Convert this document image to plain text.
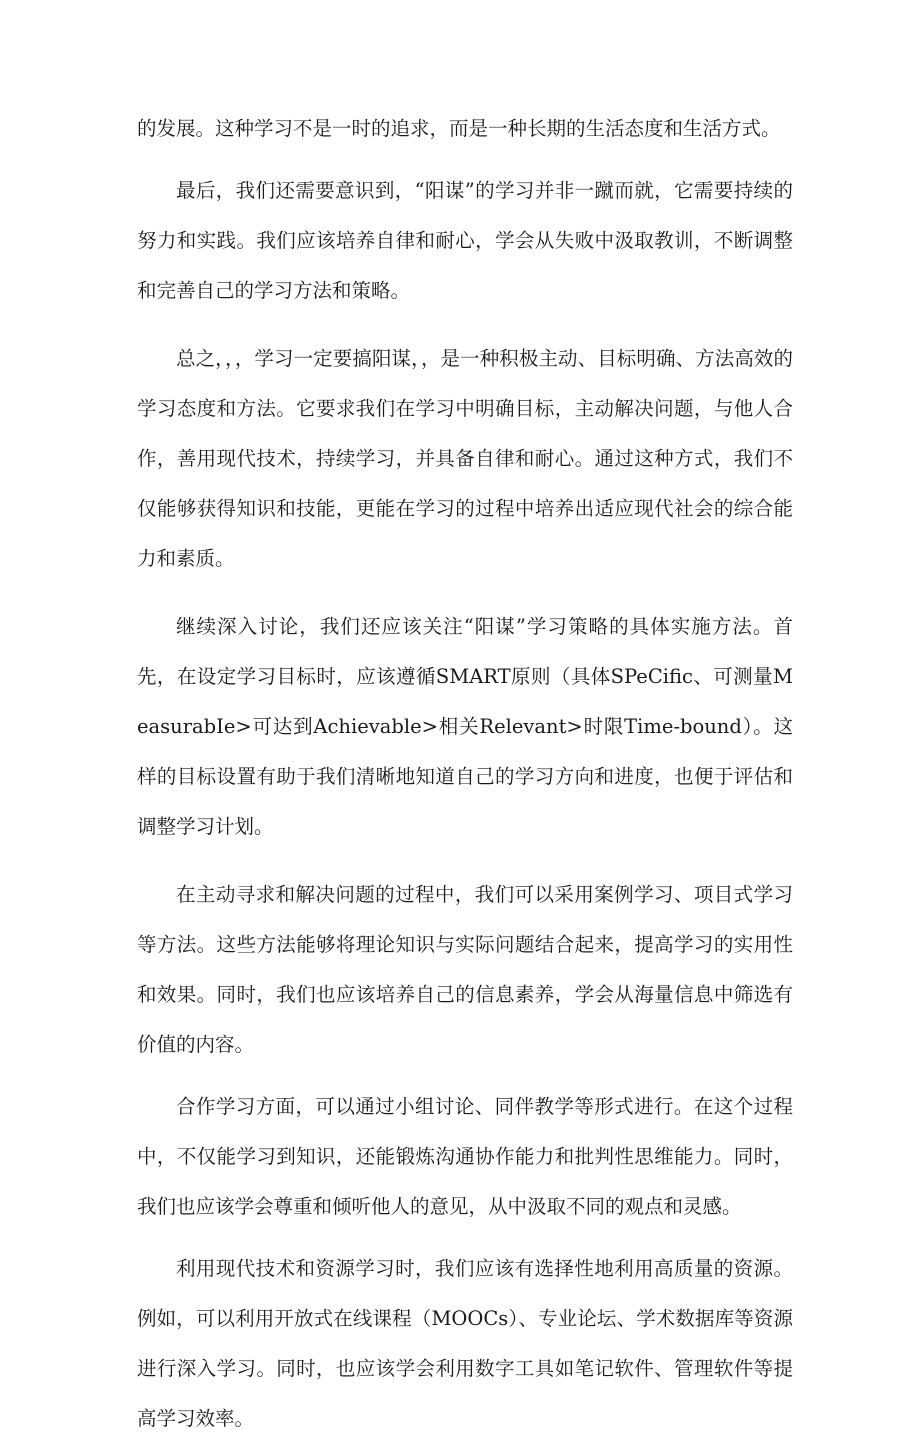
的发展。这种学习不是一时的追求，而是一种长期的生活态度和生活方式。

最后，我们还需要意识到，“阳谋”的学习并非一蹴而就，它需要持续的努力和实践。我们应该培养自律和耐心，学会从失败中汲取教训，不断调整和完善自己的学习方法和策略。

总之，，，学习一定要搞阳谋，，是一种积极主动、目标明确、方法高效的学习态度和方法。它要求我们在学习中明确目标，主动解决问题，与他人合作，善用现代技术，持续学习，并具备自律和耐心。通过这种方式，我们不仅能够获得知识和技能，更能在学习的过程中培养出适应现代社会的综合能力和素质。

继续深入讨论，我们还应该关注“阳谋”学习策略的具体实施方法。首先，在设定学习目标时，应该遵循SMART原则（具体SPeCific、可测量MeasurabIe>可达到Achievable>相关Relevant>时限Time-bound）。这样的目标设置有助于我们清晰地知道自己的学习方向和进度，也便于评估和调整学习计划。

在主动寻求和解决问题的过程中，我们可以采用案例学习、项目式学习等方法。这些方法能够将理论知识与实际问题结合起来，提高学习的实用性和效果。同时，我们也应该培养自己的信息素养，学会从海量信息中筛选有价值的内容。

合作学习方面，可以通过小组讨论、同伴教学等形式进行。在这个过程中，不仅能学习到知识，还能锻炼沟通协作能力和批判性思维能力。同时，我们也应该学会尊重和倾听他人的意见，从中汲取不同的观点和灵感。

利用现代技术和资源学习时，我们应该有选择性地利用高质量的资源。例如，可以利用开放式在线课程（MOOCs）、专业论坛、学术数据库等资源进行深入学习。同时，也应该学会利用数字工具如笔记软件、管理软件等提高学习效率。
